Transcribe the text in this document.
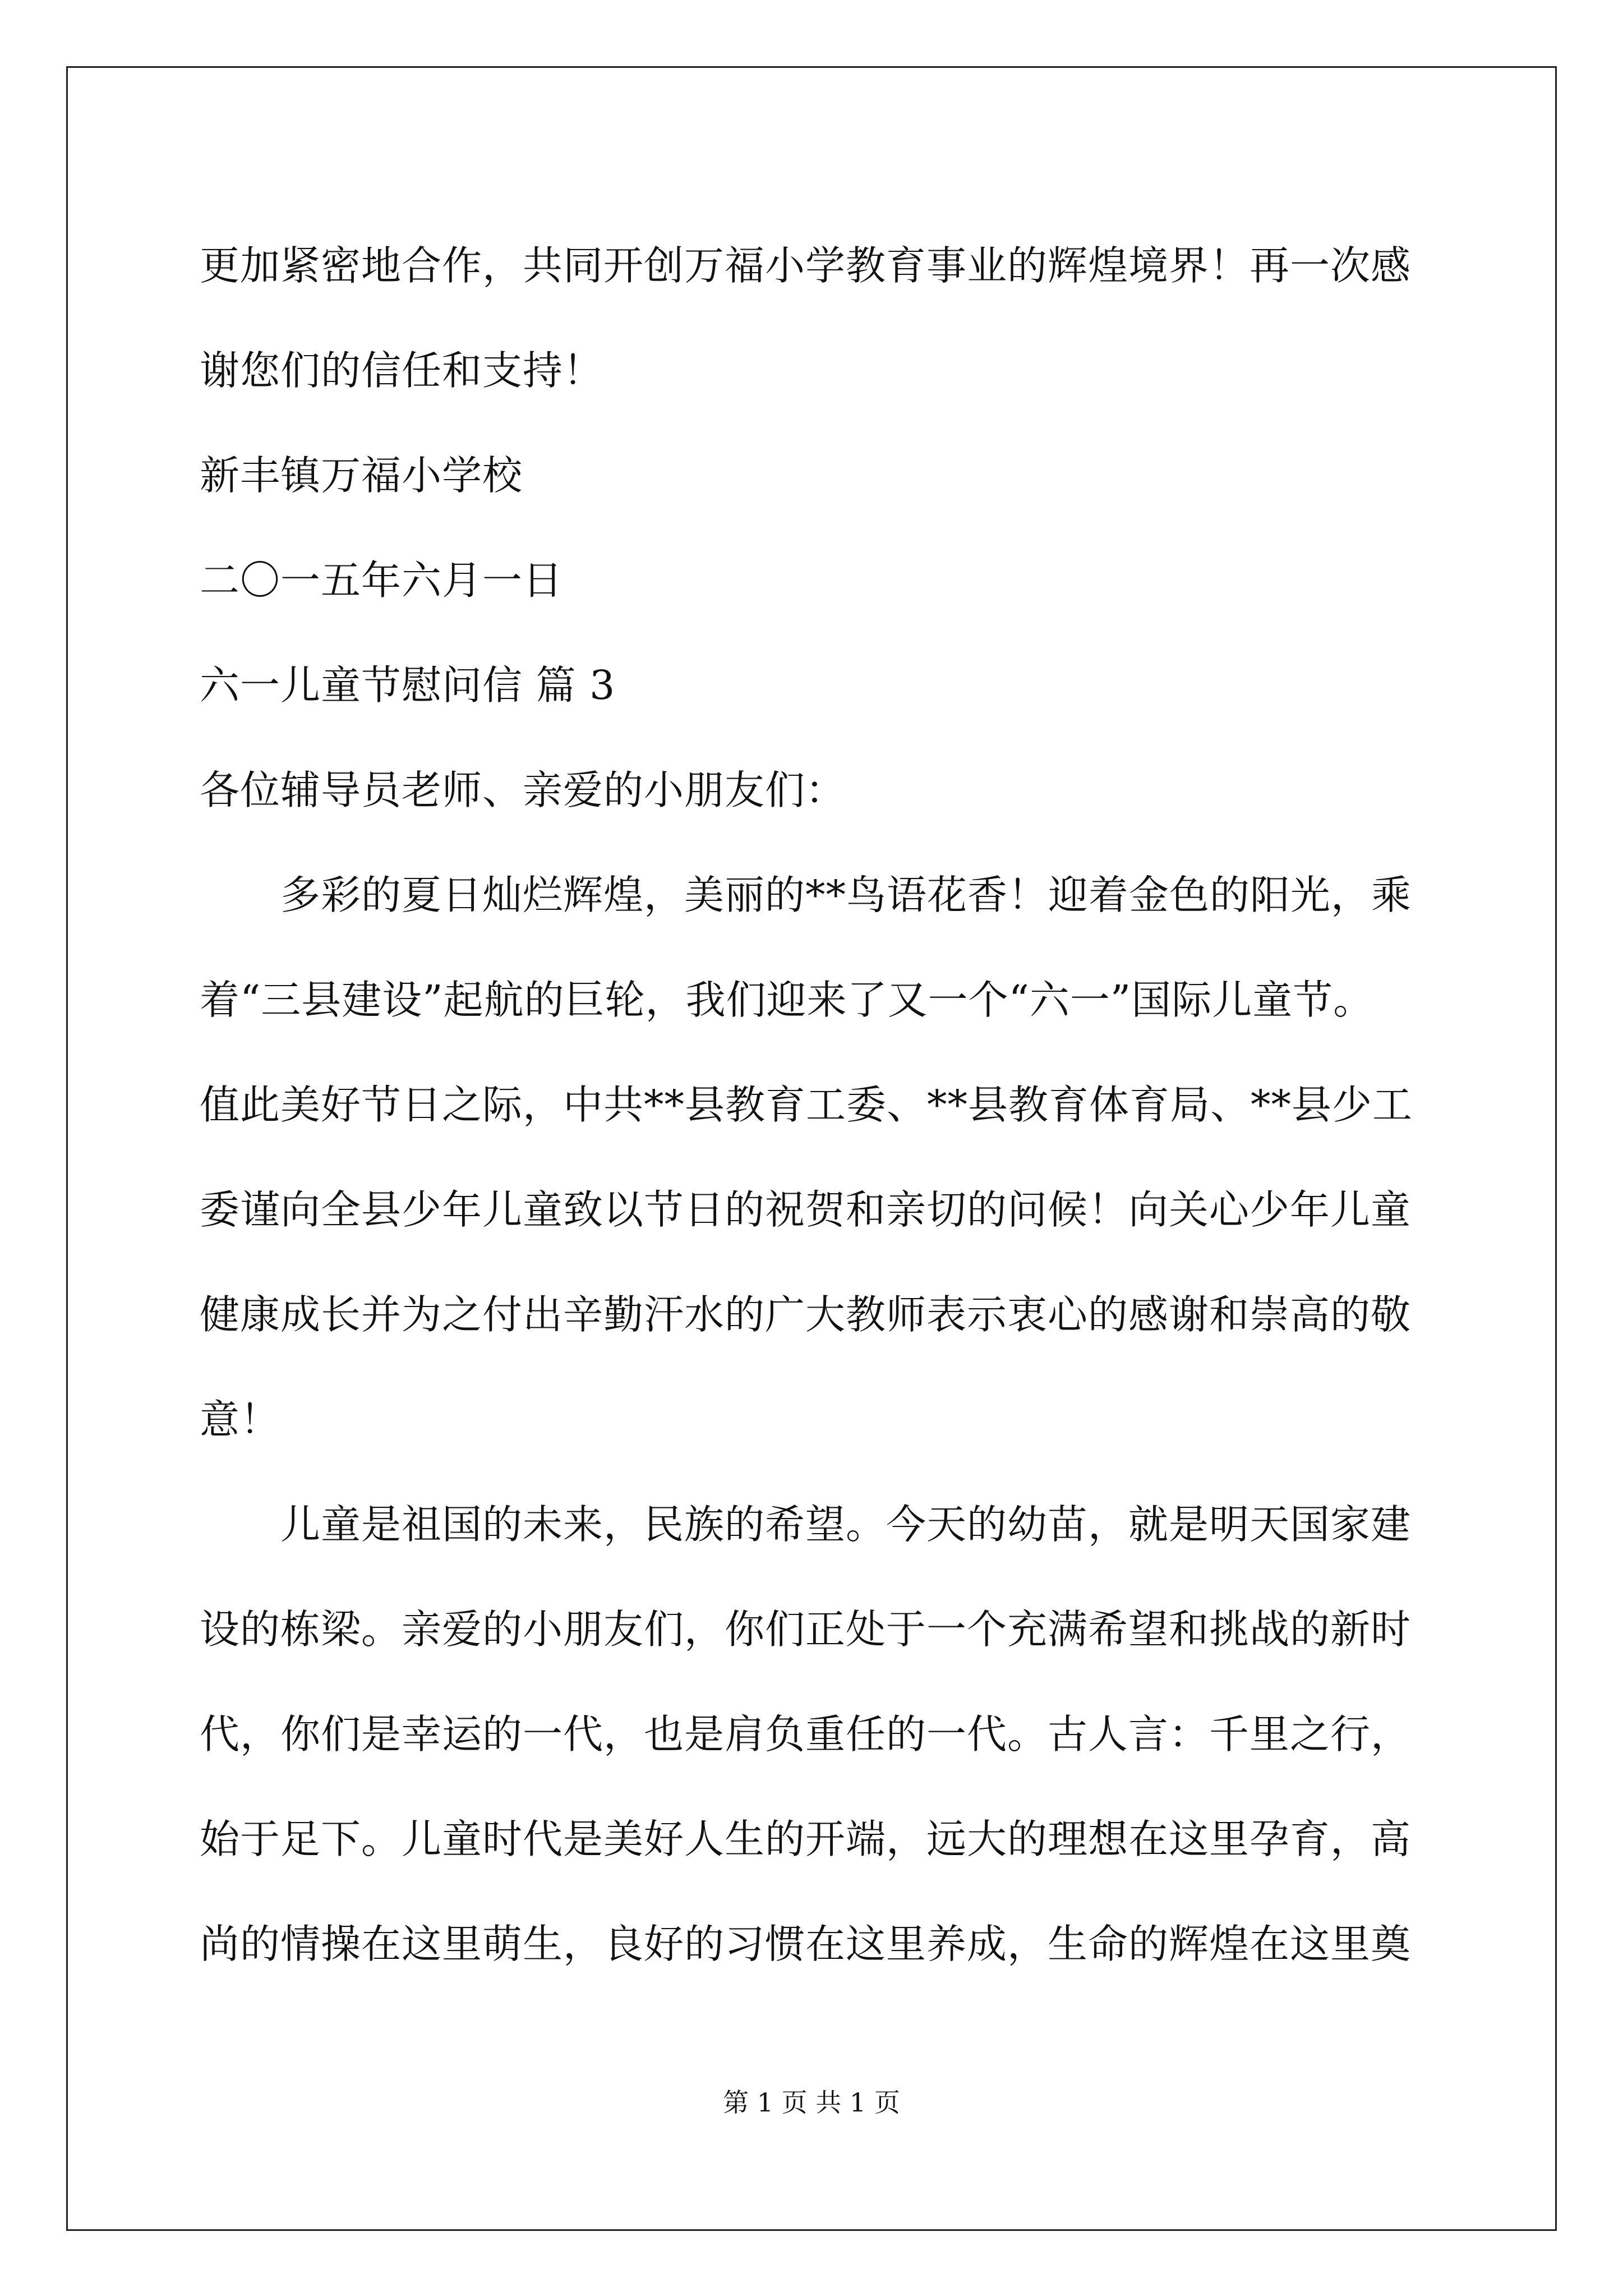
更加紧密地合作，共同开创万福小学教育事业的辉煌境界！再一次感
谢您们的信任和支持！
新丰镇万福小学校
二〇一五年六月一日
六一儿童节慰问信 篇 3
各位辅导员老师、亲爱的小朋友们：
　　多彩的夏日灿烂辉煌，美丽的**鸟语花香！迎着金色的阳光，乘
着“三县建设”起航的巨轮，我们迎来了又一个“六一”国际儿童节。
值此美好节日之际，中共**县教育工委、**县教育体育局、**县少工
委谨向全县少年儿童致以节日的祝贺和亲切的问候！向关心少年儿童
健康成长并为之付出辛勤汗水的广大教师表示衷心的感谢和崇高的敬
意！
　　儿童是祖国的未来，民族的希望。今天的幼苗，就是明天国家建
设的栋梁。亲爱的小朋友们，你们正处于一个充满希望和挑战的新时
代，你们是幸运的一代，也是肩负重任的一代。古人言：千里之行，
始于足下。儿童时代是美好人生的开端，远大的理想在这里孕育，高
尚的情操在这里萌生，良好的习惯在这里养成，生命的辉煌在这里奠
第 1 页 共 1 页
